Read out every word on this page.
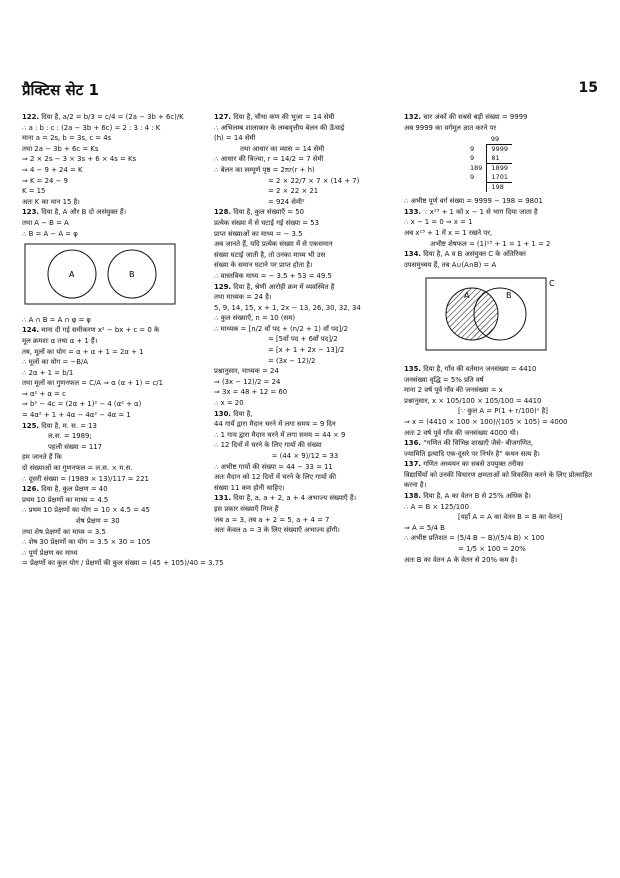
प्रैक्टिस सेट 1	15
122. दिया है, a/2 = b/3 = c/4 = (2a − 3b + 6c)/K
∴ a : b : c : (2a − 3b + 6c) = 2 : 3 : 4 : K
माना a = 2s, b = 3s, c = 4s
तथा 2a − 3b + 6c = Ks
⇒ 2 × 2s − 3 × 3s + 6 × 4s = Ks
⇒ 4 − 9 + 24 = K
⇒ K = 24 − 9
K = 15
अतः K का मान 15 है।
123. दिया है, A और B दो असंयुक्त हैं।
तथा A − B = A
∴ B = A − A = φ
A	B
∴ A ∩ B = A ∩ φ = φ
124. माना दी गई समीकरण x² − bx + c = 0 के
मूल क्रमशः α तथा α + 1 हैं।
तब, मूलों का योग = α + α + 1 = 2α + 1
∴ मूलों का योग = −B/A
∴ 2α + 1 = b/1
तथा मूलों का गुणनफल = C/A ⇒ α (α + 1) = c/1
⇒ α² + α = c
⇒ b² − 4c = (2α + 1)² − 4 (α² + α)
= 4α² + 1 + 4α − 4α² − 4α = 1
125. दिया है, म. स. = 13
ल.स. = 1989;
पहली संख्या = 117
हम जानते हैं कि
दो संख्याओं का गुणनफल = ल.स. × म.स.
∴ दूसरी संख्या = (1989 × 13)/117 = 221
126. दिया है, कुल प्रेक्षण = 40
प्रथम 10 प्रेक्षणों का माध्य = 4.5
∴ प्रथम 10 प्रेक्षणों का योग = 10 × 4.5 = 45
शेष प्रेक्षण = 30
तथा शेष प्रेक्षणों का माध्य = 3.5
∴ शेष 30 प्रेक्षणों का योग = 3.5 × 30 = 105
∴ पूर्ण प्रेक्षण का माध्य
= प्रेक्षणों का कुल योग / प्रेक्षणों की कुल संख्या = (45 + 105)/40 = 3.75
127. दिया है, चौथा कण की भुजा = 14 सेमी
∴ अभिलम्ब शालाकार के लम्बवृत्तीय बेलन की ऊँचाई
(h) = 14 सेमी
तथा आधार का व्यास = 14 सेमी
∴ आधार की त्रिज्या, r = 14/2 = 7 सेमी
∴ बेलन का सम्पूर्ण पृष्ठ = 2πr(r + h)
= 2 × 22/7 × 7 × (14 + 7)
= 2 × 22 × 21
= 924 सेमी²
128. दिया है, कुल संख्याएँ = 50
प्रत्येक संख्या में से घटाई गई संख्या = 53
प्राप्त संख्याओं का माध्य = − 3.5
अब जानते हैं, यदि प्रत्येक संख्या में से एकसमान
संख्या घटाई जाती है, तो उनका माध्य भी उस
संख्या के समान घटाने पर प्राप्त होता है।
∴ वास्तविक माध्य = − 3.5 + 53 = 49.5
129. दिया है, श्रेणी आरोही क्रम में व्यवस्थित है
तथा माध्यक = 24 है।
5, 9, 14, 15, x + 1, 2x − 13, 26, 30, 32, 34
∴ कुल संख्याएँ, n = 10 (सम)
∴ माध्यक = [n/2 वाँ पद + (n/2 + 1) वाँ पद]/2
= [5वाँ पद + 6वाँ पद]/2
= [x + 1 + 2x − 13]/2
= (3x − 12)/2
प्रश्नानुसार, माध्यक = 24
⇒ (3x − 12)/2 = 24
⇒ 3x = 48 + 12 = 60
∴ x = 20
130. दिया है,
44 गायें द्वारा मैदान चरने में लगा समय = 9 दिन
∴ 1 गाय द्वारा मैदान चरने में लगा समय = 44 × 9
∴ 12 दिनों में चरने के लिए गायों की संख्या
= (44 × 9)/12 = 33
∴ अभीष्ट गायों की संख्या = 44 − 33 = 11
अतः मैदान को 12 दिनों में चरने के लिए गायों की
संख्या 11 कम होनी चाहिए।
131. दिया है, a, a + 2, a + 4 अभाज्य संख्याएँ हैं।
इस प्रकार संख्याएँ निम्न हैं
जब a = 3, तब a + 2 = 5, a + 4 = 7
अतः केवल a = 3 के लिए संख्याएँ अभाज्य होंगी।
132. चार अंकों की सबसे बड़ी संख्या = 9999
अब 9999 का वर्गमूल ज्ञात करने पर
	99
9	9999
9	81
189	1899
9	1701
	198
∴ अभीष्ट पूर्ण वर्ग संख्या = 9999 − 198 = 9801
133. ∵ x¹³ + 1 को x − 1 से भाग दिया जाता है
∴ x − 1 = 0 ⇒ x = 1
अब x¹³ + 1 में x = 1 रखने पर,
अभीष्ट शेषफल = (1)¹³ + 1 = 1 + 1 = 2
134. दिया है, A व B असंयुक्त C के अंतिरिक्त
उपसमुच्चय हैं, तब A∪(A∩B) = A
A	B
C
135. दिया है, गाँव की वर्तमान जनसंख्या = 4410
जनसंख्या वृद्धि = 5% प्रति वर्ष
माना 2 वर्ष पूर्व गाँव की जनसंख्या = x
प्रश्नानुसार, x × 105/100 × 105/100 = 4410
[∵ कुल A = P(1 + r/100)ⁿ है]
⇒ x = (4410 × 100 × 100)/(105 × 105) = 4000
अतः 2 वर्ष पूर्व गाँव की जनसंख्या 4000 थी।
136. “गणित की विभिन्न शाखाएँ जैसे- बीजगणित,
ज्यामिति इत्यादि एक-दूसरे पर निर्भर है” कथन सत्य है।
137. गणित अध्ययन का सबसे उपयुक्त तरीका
विद्यार्थियों को उनकी विचारण क्षमताओं को विकसित करने के लिए प्रोत्साहित करना है।
138. दिया है, A का वेतन B से 25% अधिक है।
∴ A = B × 125/100
[यहाँ A = A का वेतन B = B का वेतन]
⇒ A = 5/4 B
∴ अभीष्ट प्रतिशत = (5/4 B − B)/(5/4 B) × 100
= 1/5 × 100 = 20%
अतः B का वेतन A के वेतन से 20% कम है।
